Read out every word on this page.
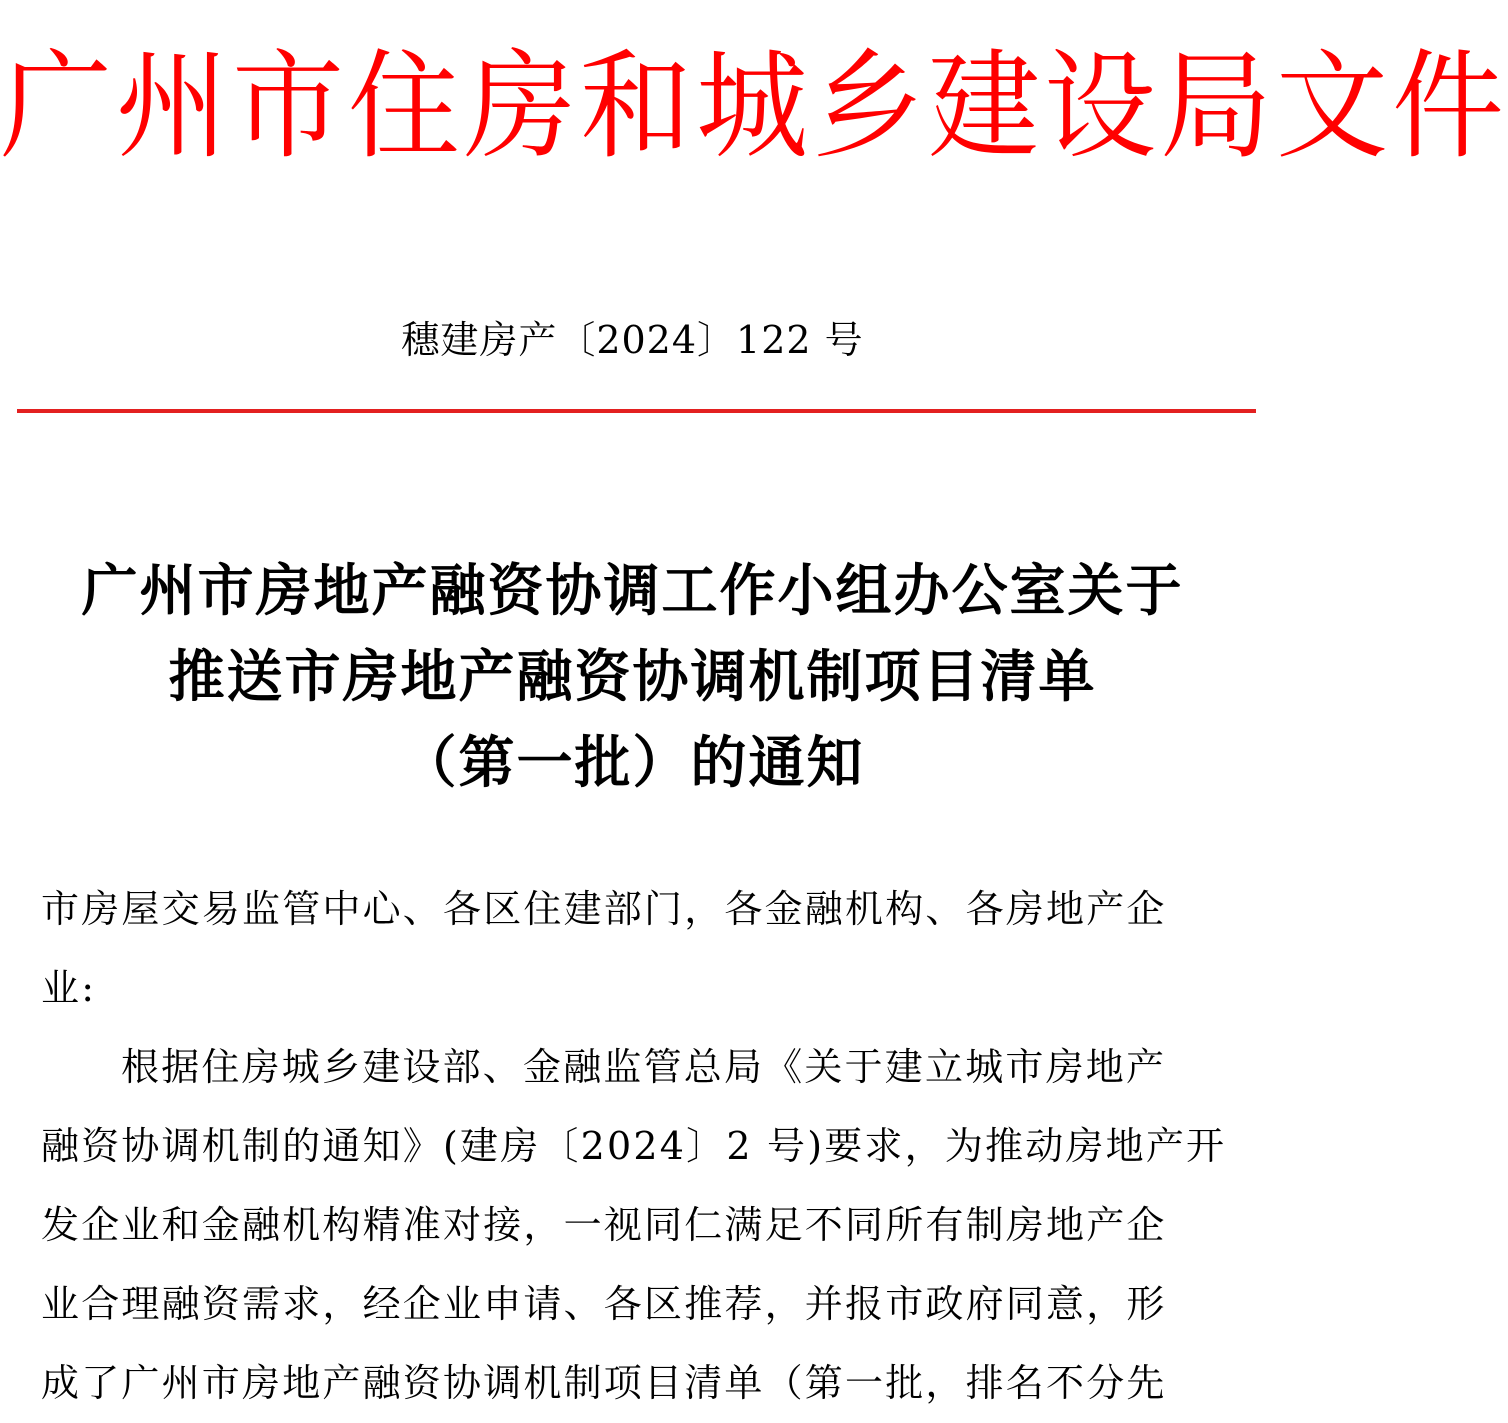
广州市住房和城乡建设局文件
穗建房产〔2024〕122 号
广州市房地产融资协调工作小组办公室关于
推送市房地产融资协调机制项目清单
（第一批）的通知
市房屋交易监管中心、各区住建部门，各金融机构、各房地产企
业:
根据住房城乡建设部、金融监管总局《关于建立城市房地产
融资协调机制的通知》(建房〔2024〕2 号)要求，为推动房地产开
发企业和金融机构精准对接，一视同仁满足不同所有制房地产企
业合理融资需求，经企业申请、各区推荐，并报市政府同意，形
成了广州市房地产融资协调机制项目清单（第一批，排名不分先
